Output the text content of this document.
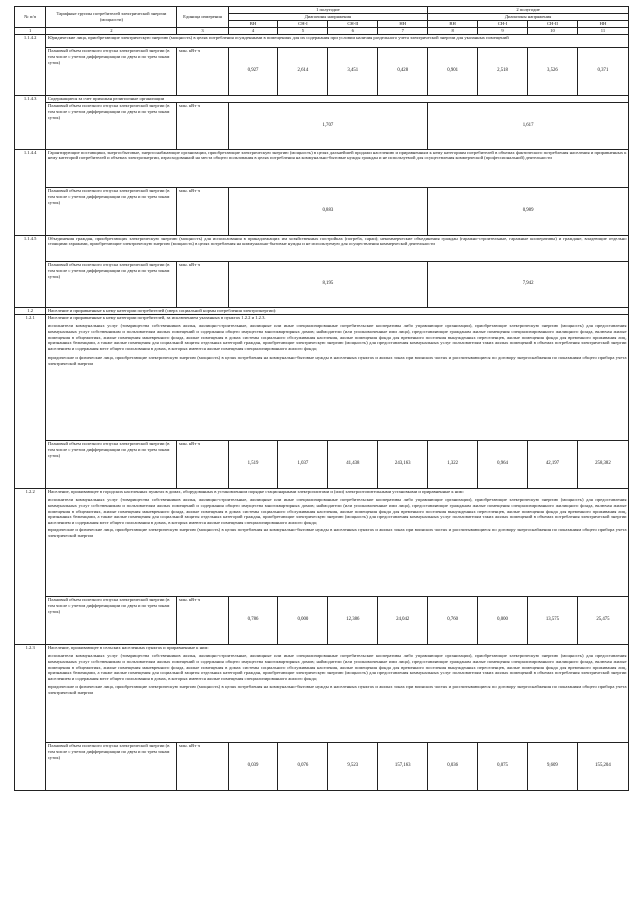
№ п/п	Тарифные группы потребителей электрической энергии (мощности)	Единица измерения	1 полугодие				2 полугодие			
			Диапазоны напряжения				Диапазоны напряжения			
			ВН	СН-I	СН-II	НН	ВН	СН-I	СН-II	НН
1	2	3	4	5	6	7	8	9	10	11
1.1.4.2	Юридические лица, приобретающие электрическую энергию (мощность) в целях потребления осужденными в помещениях для их содержания при условии наличия раздельного учета электрической энергии для указанных помещений									
	Плановый объем полезного отпуска электрической энергии (в том числе с учетом дифференциации по двум и по трем зонам суток)	млн. кВт·ч	0,927	2,614	3,451	0,428	0,901	2,518	3,526	0,371
1.1.4.3	Содержащиеся за счет прихожан религиозные организации									
	Плановый объем полезного отпуска электрической энергии (в том числе с учетом дифференциации по двум и по трем зонам суток)	млн. кВт·ч	1,707				1,617			
1.1.4.4	Гарантирующие поставщики, энергосбытовые, энергоснабжающие организации, приобретающие электрическую энергию (мощность) в целях дальнейшей продажи населению и приравненным к нему категориям потребителей в объемах фактического потребления населения и приравненных к нему категорий потребителей и объемах электроэнергии, израсходованной на места общего пользования в целях потребления на коммунально-бытовые нужды граждан и не используемой для осуществления коммерческой (профессиональной) деятельности									
	Плановый объем полезного отпуска электрической энергии (в том числе с учетом дифференциации по двум и по трем зонам суток)	млн. кВт·ч	0,883				0,989			
1.1.4.5	Объединения граждан, приобретающих электрическую энергию (мощность) для использования в принадлежащих им хозяйственных постройках (погреба, сараи); некоммерческие объединения граждан (гаражно-строительные, гаражные кооперативы) и граждане, владеющие отдельно стоящими гаражами, приобретающие электрическую энергию (мощность) в целях потребления на коммунально-бытовые нужды и не используемую для осуществления коммерческой деятельности									
	Плановый объем полезного отпуска электрической энергии (в том числе с учетом дифференциации по двум и по трем зонам суток)	млн. кВт·ч	8,195				7,942			
1.2	Население и приравненные к нему категории потребителей (сверх социальной нормы потребления электроэнергии):									
1.2.1	Население и приравненные к нему категории потребителей, за исключением указанных в пунктах 1.2.2 и 1.2.3.
исполнители коммунальных услуг (товарищества собственников жилья, жилищно-строительные, жилищные или иные специализированные потребительские кооперативы либо управляющие организации), приобретающие электрическую энергию (мощность) для предоставления коммунальных услуг собственникам и пользователям жилых помещений и содержания общего имущества многоквартирных домов; наймодатели (или уполномоченные ими лица), предоставляющие гражданам жилые помещения специализированного жилищного фонда, включая жилые помещения в общежитиях, жилые помещения маневренного фонда, жилые помещения в домах системы социального обслуживания населения, жилые помещения фонда для временного поселения вынужденных переселенцев, жилые помещения фонда для временного проживания лиц, признанных беженцами, а также жилые помещения для социальной защиты отдельных категорий граждан, приобретающие электрическую энергию (мощность) для предоставления коммунальных услуг пользователям таких жилых помещений в объемах потребления электрической энергии населением и содержания мест общего пользования в домах, в которых имеются жилые помещения специализированного жилого фонда;
юридические и физические лица, приобретающие электрическую энергию (мощность) в целях потребления на коммунально-бытовые нужды в населенных пунктах и жилых зонах при воинских частях и рассчитывающиеся по договору энергоснабжения по показаниям общего прибора учета электрической энергии									

	Плановый объем полезного отпуска электрической энергии (в том числе с учетом дифференциации по двум и по трем зонам суток)	млн. кВт·ч	1,519	1,037	41,438	243,163	1,322	0,964	42,197	258,382
1.2.2	Население, проживающее в городских населенных пунктах в домах, оборудованных в установленном порядке стационарными электроплитами и (или) электроотопительными установками и приравненные к ним:
исполнители коммунальных услуг (товарищества собственников жилья, жилищно-строительные, жилищные или иные специализированные потребительские кооперативы либо управляющие организации), приобретающие электрическую энергию (мощность) для предоставления коммунальных услуг собственникам и пользователям жилых помещений и содержания общего имущества многоквартирных домов; наймодатели (или уполномоченные ими лица), предоставляющие гражданам жилые помещения специализированного жилищного фонда, включая жилые помещения в общежитиях, жилые помещения маневренного фонда, жилые помещения в домах системы социального обслуживания населения, жилые помещения фонда для временного поселения вынужденных переселенцев, жилые помещения фонда для временного проживания лиц, признанных беженцами, а также жилые помещения для социальной защиты отдельных категорий граждан, приобретающие электрическую энергию (мощность) для предоставления коммунальных услуг пользователям таких жилых помещений в объемах потребления электрической энергии населением и содержания мест общего пользования в домах, в которых имеются жилые помещения специализированного жилого фонда;
юридические и физические лица, приобретающие электрическую энергию (мощность) в целях потребления на коммунально-бытовые нужды в населенных пунктах и жилых зонах при воинских частях и рассчитывающиеся по договору энергоснабжения по показаниям общего прибора учета электрической энергии									

	Плановый объем полезного отпуска электрической энергии (в том числе с учетом дифференциации по двум и по трем зонам суток)	млн. кВт·ч	0,786	0,000	12,386	24,042	0,760	0,000	13,575	25,475
1.2.3	Население, проживающее в сельских населенных пунктах и приравненные к ним:
исполнители коммунальных услуг (товарищества собственников жилья, жилищно-строительные, жилищные или иные специализированные потребительские кооперативы либо управляющие организации), приобретающие электрическую энергию (мощность) для предоставления коммунальных услуг собственникам и пользователям жилых помещений и содержания общего имущества многоквартирных домов; наймодатели (или уполномоченные ими лица), предоставляющие гражданам жилые помещения специализированного жилищного фонда, включая жилые помещения в общежитиях, жилые помещения маневренного фонда, жилые помещения в домах системы социального обслуживания населения, жилые помещения фонда для временного поселения вынужденных переселенцев, жилые помещения фонда для временного проживания лиц, признанных беженцами, а также жилые помещения для социальной защиты отдельных категорий граждан, приобретающие электрическую энергию (мощность) для предоставления коммунальных услуг пользователям таких жилых помещений в объемах потребления электрической энергии населением и содержания мест общего пользования в домах, в которых имеются жилые помещения специализированного жилого фонда;
юридические и физические лица, приобретающие электрическую энергию (мощность) в целях потребления на коммунально-бытовые нужды в населенных пунктах и жилых зонах при воинских частях и рассчитывающиеся по договору энергоснабжения по показаниям общего прибора учета электрической энергии									

	Плановый объем полезного отпуска электрической энергии (в том числе с учетом дифференциации по двум и по трем зонам суток)	млн. кВт·ч	0,039	0,076	9,523	157,163	0,036	0,075	9,609	155,204
